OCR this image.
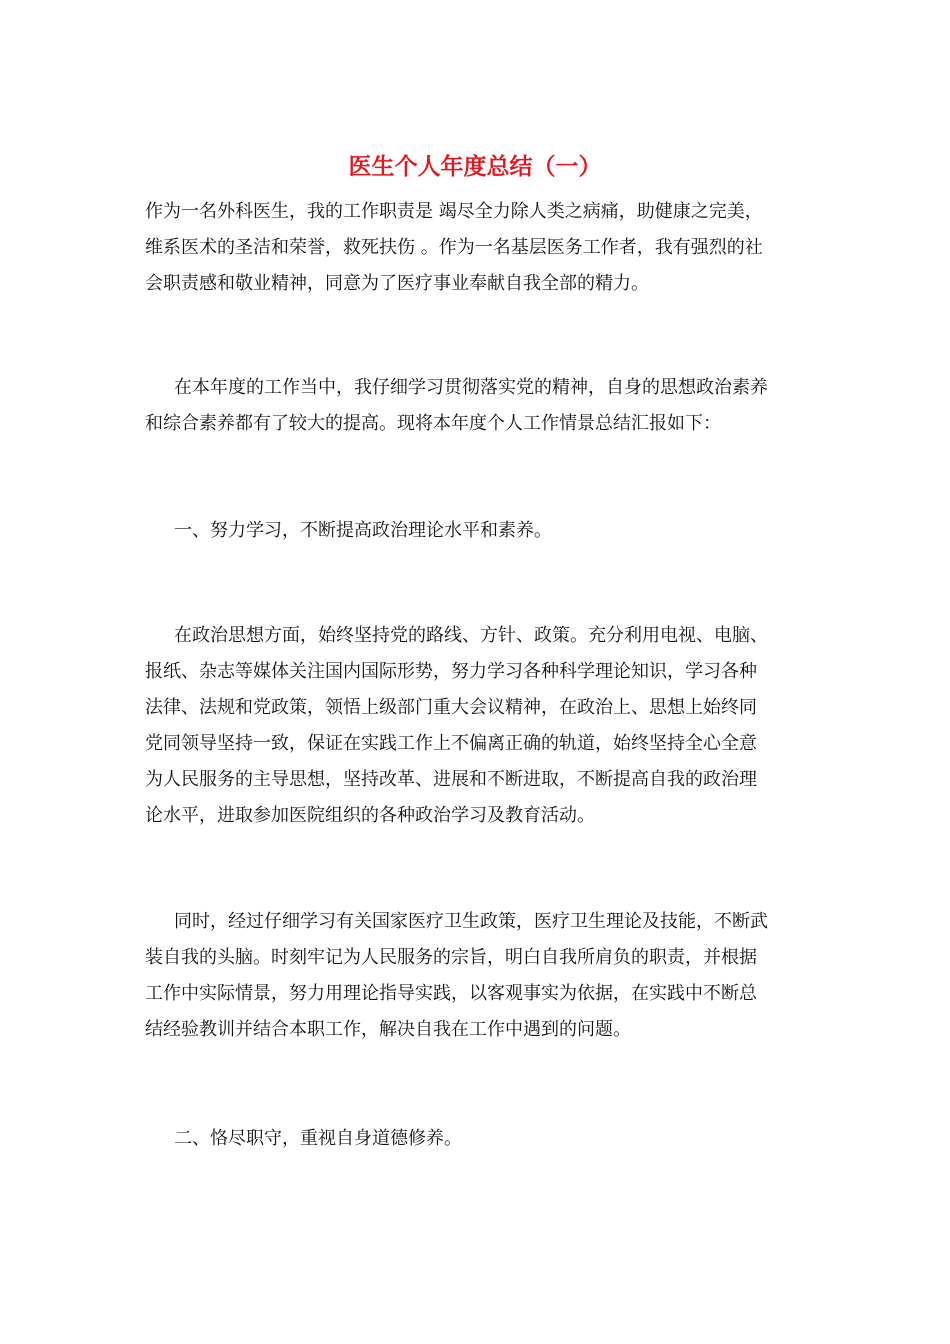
医生个人年度总结（一）

作为一名外科医生，我的工作职责是 竭尽全力除人类之病痛，助健康之完美，
维系医术的圣洁和荣誉，救死扶伤 。作为一名基层医务工作者，我有强烈的社
会职责感和敬业精神，同意为了医疗事业奉献自我全部的精力。

在本年度的工作当中，我仔细学习贯彻落实党的精神，自身的思想政治素养
和综合素养都有了较大的提高。现将本年度个人工作情景总结汇报如下：

一、努力学习，不断提高政治理论水平和素养。

在政治思想方面，始终坚持党的路线、方针、政策。充分利用电视、电脑、
报纸、杂志等媒体关注国内国际形势，努力学习各种科学理论知识，学习各种
法律、法规和党政策，领悟上级部门重大会议精神，在政治上、思想上始终同
党同领导坚持一致，保证在实践工作上不偏离正确的轨道，始终坚持全心全意
为人民服务的主导思想，坚持改革、进展和不断进取，不断提高自我的政治理
论水平，进取参加医院组织的各种政治学习及教育活动。

同时，经过仔细学习有关国家医疗卫生政策，医疗卫生理论及技能，不断武
装自我的头脑。时刻牢记为人民服务的宗旨，明白自我所肩负的职责，并根据
工作中实际情景，努力用理论指导实践，以客观事实为依据，在实践中不断总
结经验教训并结合本职工作，解决自我在工作中遇到的问题。

二、恪尽职守，重视自身道德修养。
